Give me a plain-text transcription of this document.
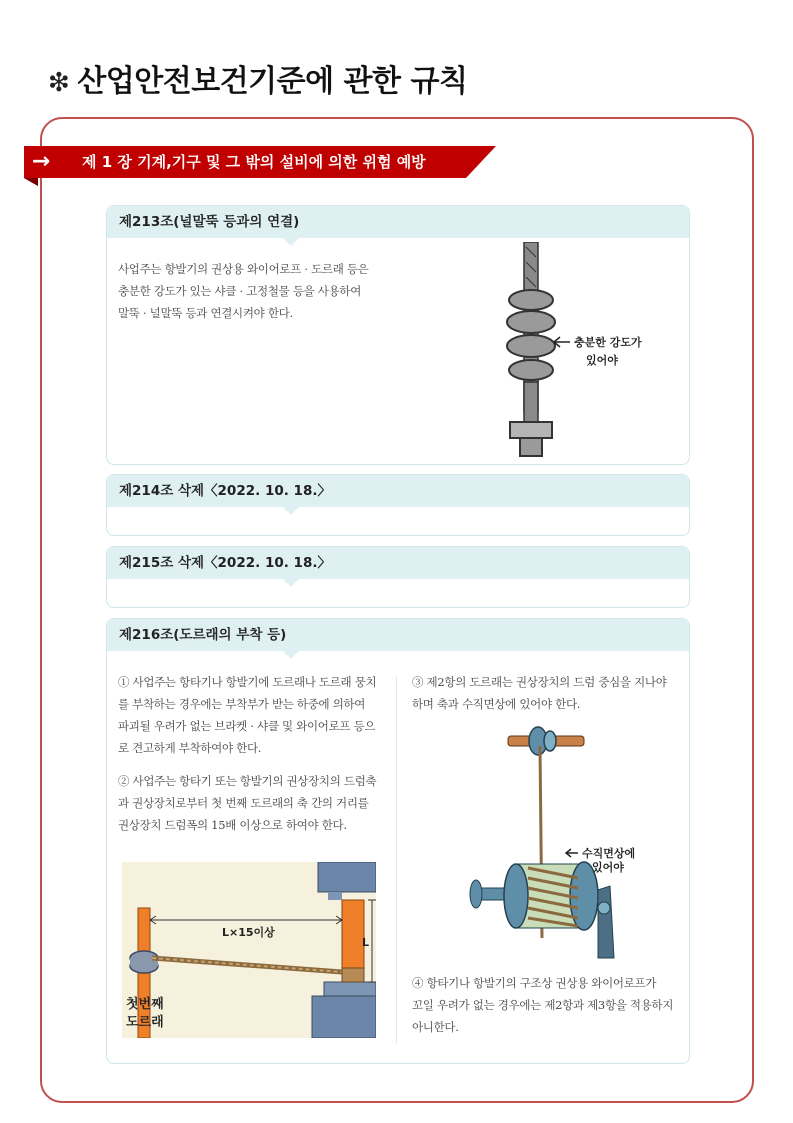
❇ 산업안전보건기준에 관한 규칙
→	제 1 장 기계,기구 및 그 밖의 설비에 의한 위험 예방
제213조(널말뚝 등과의 연결)
사업주는 항발기의 권상용 와이어로프 · 도르래 등은
충분한 강도가 있는 샤클 · 고정철물 등을 사용하여
말뚝 · 널말뚝 등과 연결시켜야 한다.
충분한 강도가
있어야
제214조 삭제〈2022. 10. 18.〉
제215조 삭제〈2022. 10. 18.〉
제216조(도르래의 부착 등)
① 사업주는 항타기나 항발기에 도르래나 도르래 뭉치
를 부착하는 경우에는 부착부가 받는 하중에 의하여
파괴될 우려가 없는 브라켓 · 샤클 및 와이어로프 등으
로 견고하게 부착하여야 한다.
② 사업주는 항타기 또는 항발기의 권상장치의 드럼축
과 권상장치로부터 첫 번째 도르래의 축 간의 거리를
권상장치 드럼폭의 15배 이상으로 하여야 한다.
L×15이상
L
첫번째
도르래
③ 제2항의 도르래는 권상장치의 드럼 중심을 지나야
하며 축과 수직면상에 있어야 한다.
수직면상에
있어야
④ 항타기나 항발기의 구조상 권상용 와이어로프가
꼬일 우려가 없는 경우에는 제2항과 제3항을 적용하지
아니한다.
